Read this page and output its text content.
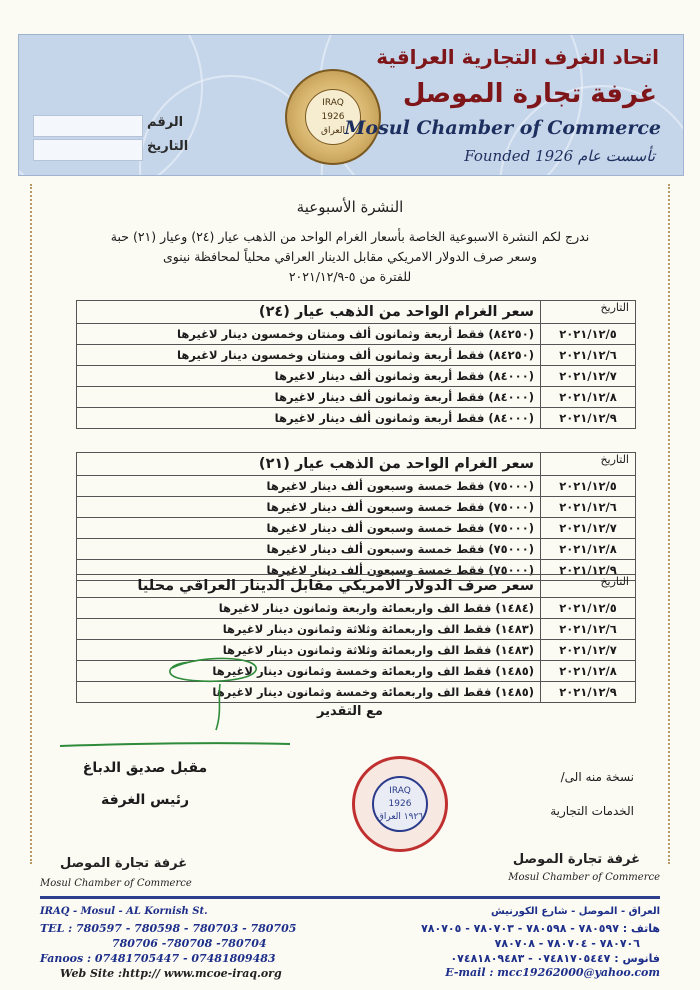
الرقم
التاريخ
IRAQ
1926
العراق
اتحاد الغرف التجارية العراقية
غرفة تجارة الموصل
Mosul Chamber of Commerce
Founded 1926 تأسست عام
النشرة الأسبوعية
ندرج لكم النشرة الاسبوعية الخاصة بأسعار الغرام الواحد من الذهب عيار (٢٤) وعيار (٢١) حبة
وسعر صرف الدولار الامريكي مقابل الدينار العراقي محلياً لمحافظة نينوى
للفترة من ٥-٢٠٢١/١٢/٩
التاريخ	سعر الغرام الواحد من الذهب عيار (٢٤)
٢٠٢١/١٢/٥	(٨٤٢٥٠) فقط أربعة وثمانون ألف ومنتان وخمسون دينار لاغيرها
٢٠٢١/١٢/٦	(٨٤٢٥٠) فقط أربعة وثمانون ألف ومنتان وخمسون دينار لاغيرها
٢٠٢١/١٢/٧	(٨٤٠٠٠) فقط أربعة وثمانون ألف دينار لاغيرها
٢٠٢١/١٢/٨	(٨٤٠٠٠) فقط أربعة وثمانون ألف دينار لاغيرها
٢٠٢١/١٢/٩	(٨٤٠٠٠) فقط أربعة وثمانون ألف دينار لاغيرها
التاريخ	سعر الغرام الواحد من الذهب عيار (٢١)
٢٠٢١/١٢/٥	(٧٥٠٠٠) فقط خمسة وسبعون ألف دينار لاغيرها
٢٠٢١/١٢/٦	(٧٥٠٠٠) فقط خمسة وسبعون ألف دينار لاغيرها
٢٠٢١/١٢/٧	(٧٥٠٠٠) فقط خمسة وسبعون ألف دينار لاغيرها
٢٠٢١/١٢/٨	(٧٥٠٠٠) فقط خمسة وسبعون ألف دينار لاغيرها
٢٠٢١/١٢/٩	(٧٥٠٠٠) فقط خمسة وسبعون ألف دينار لاغيرها
التاريخ	سعر صرف الدولار الامريكي مقابل الدينار العراقي محليا
٢٠٢١/١٢/٥	(١٤٨٤) فقط الف واربعمائة واربعة وثمانون دينار لاغيرها
٢٠٢١/١٢/٦	(١٤٨٣) فقط الف واربعمائة وثلاثة وثمانون دينار لاغيرها
٢٠٢١/١٢/٧	(١٤٨٣) فقط الف واربعمائة وثلاثة وثمانون دينار لاغيرها
٢٠٢١/١٢/٨	(١٤٨٥) فقط الف واربعمائة وخمسة وثمانون دينار لاغيرها
٢٠٢١/١٢/٩	(١٤٨٥) فقط الف واربعمائة وخمسة وثمانون دينار لاغيرها
مع التقدير
مقبل صديق الدباغ
رئيس الغرفة
نسخة منه الى/
الخدمات التجارية
IRAQ
1926
١٩٢٦ العراق
غرفة تجارة الموصل
Mosul Chamber of Commerce
غرفة تجارة الموصل
Mosul Chamber of Commerce
IRAQ - Mosul - AL Kornish St.
TEL : 780597 - 780598 - 780703 - 780705
780706 -780708 -780704
Fanoos : 07481705447 - 07481809483
Web Site :http:// www.mcoe-iraq.org
العراق - الموصل - شارع الكورنيش
هاتف : ٧٨٠٥٩٧ - ٧٨٠٥٩٨ - ٧٨٠٧٠٣ - ٧٨٠٧٠٥
٧٨٠٧٠٦ - ٧٨٠٧٠٤ - ٧٨٠٧٠٨
فانوس : ٠٧٤٨١٧٠٥٤٤٧ - ٠٧٤٨١٨٠٩٤٨٣
E-mail : mcc19262000@yahoo.com
